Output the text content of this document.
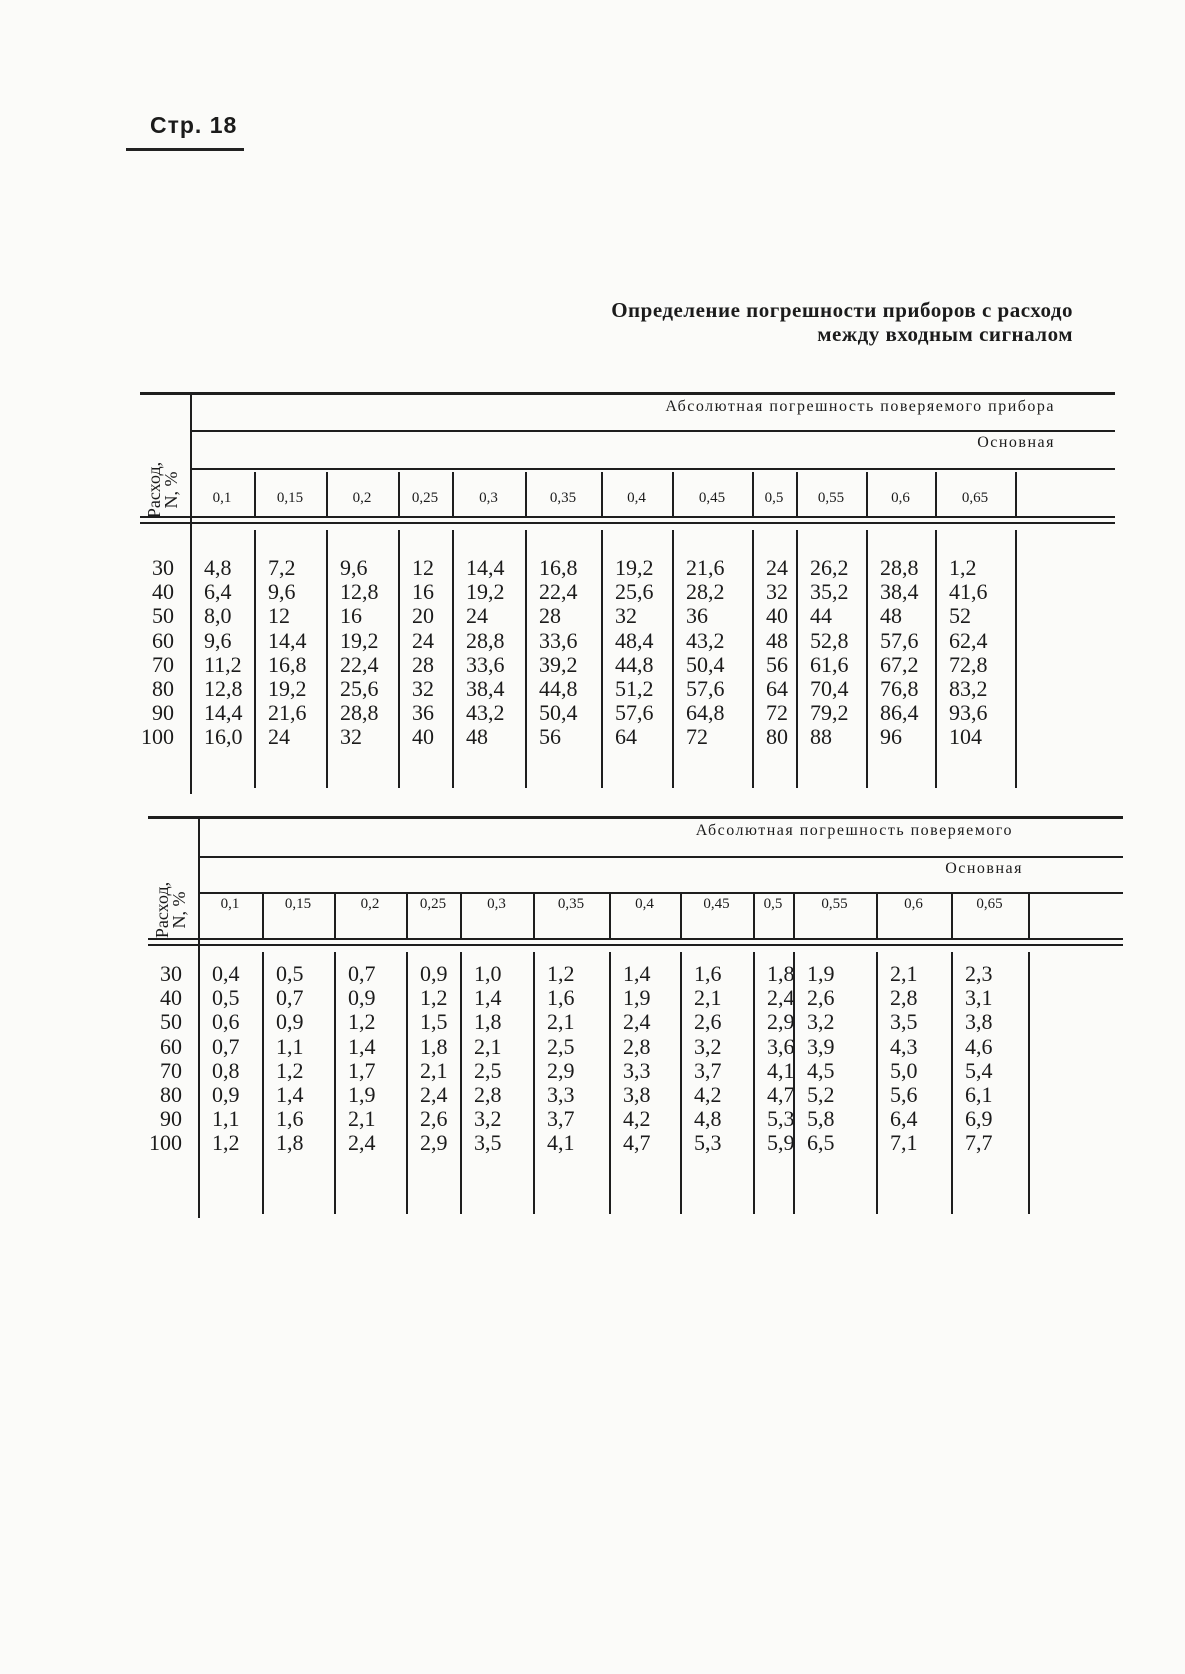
Стр. 18
Определение погрешности приборов с расходо
между входным сигналом
Абсолютная погрешность поверяемого прибора
Основная
Расход,
N, %
30
40
50
60
70
80
90
100
0,1
4,8
6,4
8,0
9,6
11,2
12,8
14,4
16,0
0,15
7,2
9,6
12
14,4
16,8
19,2
21,6
24
0,2
9,6
12,8
16
19,2
22,4
25,6
28,8
32
0,25
12
16
20
24
28
32
36
40
0,3
14,4
19,2
24
28,8
33,6
38,4
43,2
48
0,35
16,8
22,4
28
33,6
39,2
44,8
50,4
56
0,4
19,2
25,6
32
48,4
44,8
51,2
57,6
64
0,45
21,6
28,2
36
43,2
50,4
57,6
64,8
72
0,5
24
32
40
48
56
64
72
80
0,55
26,2
35,2
44
52,8
61,6
70,4
79,2
88
0,6
28,8
38,4
48
57,6
67,2
76,8
86,4
96
0,65
1,2
41,6
52
62,4
72,8
83,2
93,6
104
Абсолютная погрешность поверяемого
Основная
Расход,
N, %
30
40
50
60
70
80
90
100
0,1
0,4
0,5
0,6
0,7
0,8
0,9
1,1
1,2
0,15
0,5
0,7
0,9
1,1
1,2
1,4
1,6
1,8
0,2
0,7
0,9
1,2
1,4
1,7
1,9
2,1
2,4
0,25
0,9
1,2
1,5
1,8
2,1
2,4
2,6
2,9
0,3
1,0
1,4
1,8
2,1
2,5
2,8
3,2
3,5
0,35
1,2
1,6
2,1
2,5
2,9
3,3
3,7
4,1
0,4
1,4
1,9
2,4
2,8
3,3
3,8
4,2
4,7
0,45
1,6
2,1
2,6
3,2
3,7
4,2
4,8
5,3
0,5
1,8
2,4
2,9
3,6
4,1
4,7
5,3
5,9
0,55
1,9
2,6
3,2
3,9
4,5
5,2
5,8
6,5
0,6
2,1
2,8
3,5
4,3
5,0
5,6
6,4
7,1
0,65
2,3
3,1
3,8
4,6
5,4
6,1
6,9
7,7
